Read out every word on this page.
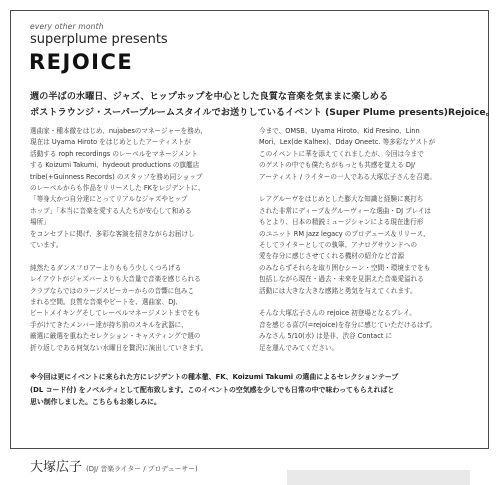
every other month
superplume presents
REJOICE
週の半ばの水曜日、ジャズ、ヒップホップを中心とした良質な音楽を気ままに楽しめる
ポストラウンジ・スーパープルームスタイルでお送りしているイベント (Super Plume presents)Rejoice。

選曲家・種本徹をはじめ、nujabesのマネージャーを務め、
現在は Uyama Hiroto をはじめとしたアーティストが
活動する roph recordings のレーベルをマネージメント
する Koizumi Takumi、hydeout productions の旗艦店
tribe(+Guinness Records) のスタッフを務め同ショップ
のレーベルからも作品をリリースした FKをレジデントに、
「等身大かつ自分達にとってリアルなジャズやヒップ
ホップ」「本当に音楽を愛する人たちが安心して和める
場所」
をコンセプトに掲げ、多彩な客演を招きながらお届けし
ています。

純然たるダンスフロアーよりももう少しくつろげる
レイアウトがジャズバーよりも大音量で音楽を感じられる
クラブならではのラージスピーカーからの音響に包みこ
まれる空間。良質な音楽やビートを、選曲家、DJ、
ビートメイキングそしてレーベルマネージメントまでをも
手がけてきたメンバー達が持ち前のスキルを武器に、
厳選に厳選を重ねたセレクション・キャスティングで週の
折り返しである何気ない水曜日を贅沢に演出していきます。

今まで、OMSB、Uyama Hiroto、Kid Fresino、Linn
Mori、Lex(de Kalhex)、Dday Oneetc. 等多彩なゲストが
このイベントに華を添えてくれましたが、今回は今まで
のゲストの中でも僕たちがもっとも共感を覚える DJ/
アーティスト / ライターの一人である大塚広子さんを召還。

レアグルーヴをはじめとした膨大な知識と経験に裏打ち
された非常にディープ＆グルーヴィーな選曲・DJ プレイは
もとより、日本の精鋭ミュージシャンによる現在進行形
のユニット RM jazz legacy のプロデュース＆リリース、
そしてライターとしての執筆、アナログサウンドへの
愛を存分に感じさせてくれる機材の紹介など音源
のみならずそれらを取り囲むシーン・空間・環境までをも
包括しながら現在・過去・未来を見据えた音楽愛溢れる
活動には大きな大きな感銘と勇気を与えてくれます。

そんな大塚広子さんの rejoice 初登場となるプレイ。
音を感じる喜び(=rejoice)を存分に感じていただけるはず。
みなさん 5/10(水) は是非、渋谷 Contact に
足を運んでみてください。

※今回は更にイベントに来られた方にレジデントの種本徹、FK、Koizumi Takumi の選曲によるセレクションテープ
(DL コード付) をノベルティとして配布致します。このイベントの空気感を少しでも日常の中で味わってもらえればと
思い制作しました。こちらもお楽しみに。
大塚広子 (DJ/ 音楽ライター / プロデューサー)
